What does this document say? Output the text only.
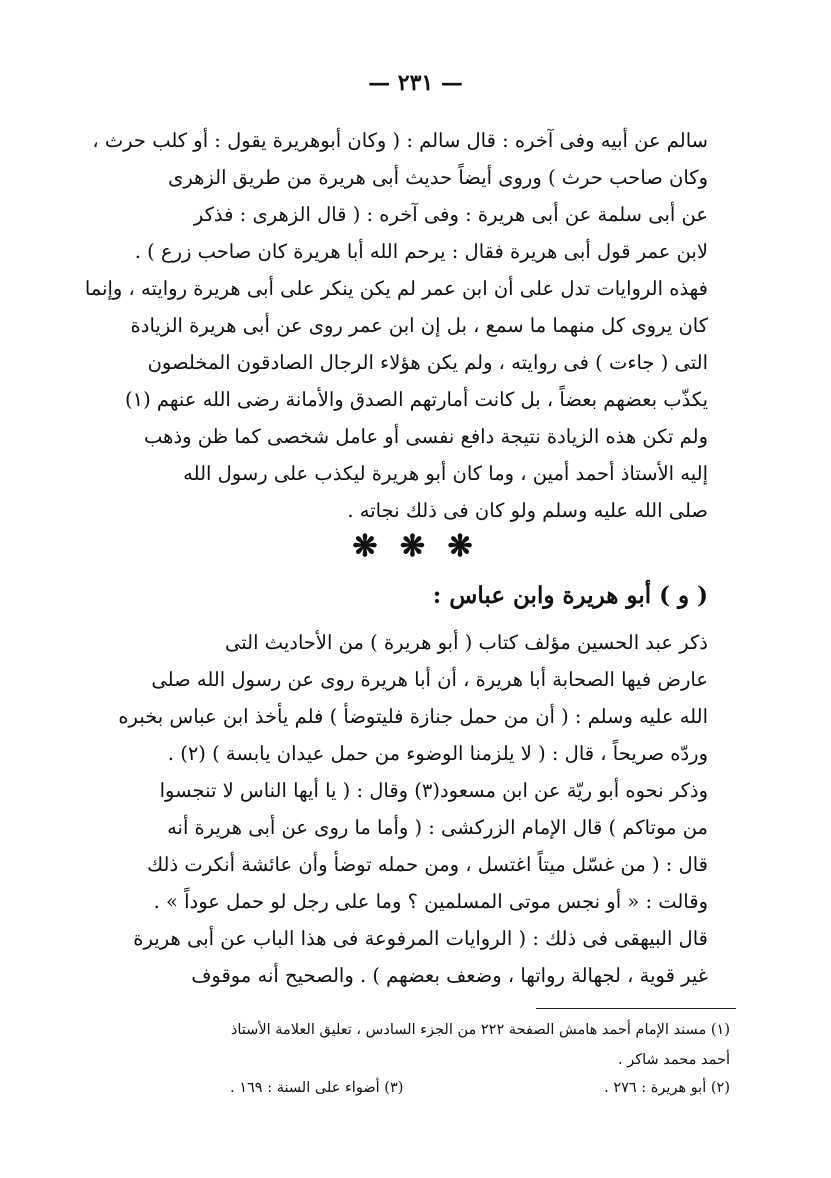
— ٢٣١ —
سالم عن أبيه وفى آخره : قال سالم : ( وكان أبوهريرة يقول : أو كلب حرث ،
وكان صاحب حرث ) وروى أيضاً حديث أبى هريرة من طريق الزهرى
عن أبى سلمة عن أبى هريرة : وفى آخره : ( قال الزهرى : فذكر
لابن عمر قول أبى هريرة فقال : يرحم الله أبا هريرة كان صاحب زرع ) .
فهذه الروايات تدل على أن ابن عمر لم يكن ينكر على أبى هريرة روايته ، وإنما
كان يروى كل منهما ما سمع ، بل إن ابن عمر روى عن أبى هريرة الزيادة
التى ( جاءت ) فى روايته ، ولم يكن هؤلاء الرجال الصادقون المخلصون
يكذّب بعضهم بعضاً ، بل كانت أمارتهم الصدق والأمانة رضى الله عنهم (١)
ولم تكن هذه الزيادة نتيجة دافع نفسى أو عامل شخصى كما ظن وذهب
إليه الأستاذ أحمد أمين ، وما كان أبو هريرة ليكذب على رسول الله
صلى الله عليه وسلم ولو كان فى ذلك نجاته .
❋ ❋ ❋
( و ) أبو هريرة وابن عباس :
ذكر عبد الحسين مؤلف كتاب ( أبو هريرة ) من الأحاديث التى
عارض فيها الصحابة أبا هريرة ، أن أبا هريرة روى عن رسول الله صلى
الله عليه وسلم : ( أن من حمل جنازة فليتوضأ ) فلم يأخذ ابن عباس بخبره
وردّه صريحاً ، قال : ( لا يلزمنا الوضوء من حمل عيدان يابسة ) (٢) .
وذكر نحوه أبو ريّة عن ابن مسعود(٣) وقال : ( يا أيها الناس لا تنجسوا
من موتاكم ) قال الإمام الزركشى : ( وأما ما روى عن أبى هريرة أنه
قال : ( من غسّل ميتاً اغتسل ، ومن حمله توضأ وأن عائشة أنكرت ذلك
وقالت : « أو نجس موتى المسلمين ؟ وما على رجل لو حمل عوداً » .
قال البيهقى فى ذلك : ( الروايات المرفوعة فى هذا الباب عن أبى هريرة
غير قوية ، لجهالة رواتها ، وضعف بعضهم ) . والصحيح أنه موقوف
(١) مسند الإمام أحمد هامش الصفحة ٢٢٢ من الجزء السادس ، تعليق العلامة الأستاذ
أحمد محمد شاكر .
(٢) أبو هريرة : ٢٧٦ .
(٣) أضواء على السنة : ١٦٩ .
